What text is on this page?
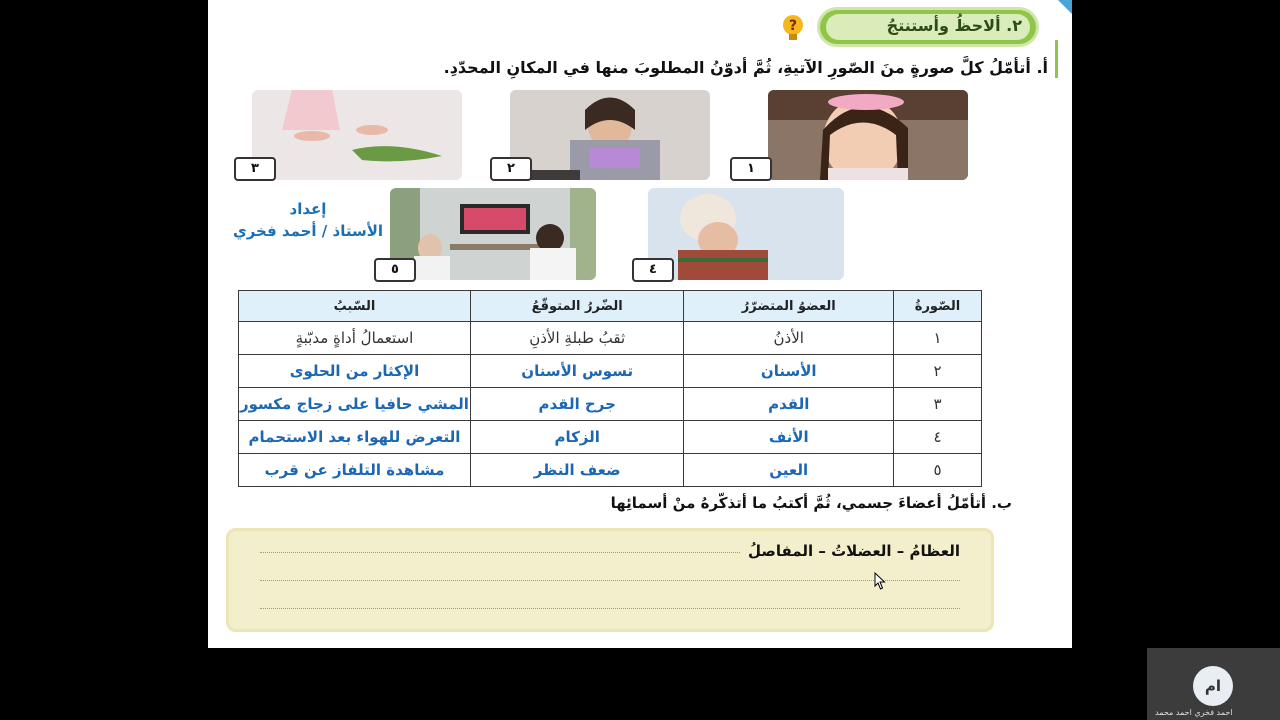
?	٢. ألاحظُ وأستنتجُ
أ. أتأمّلُ كلَّ صورةٍ منَ الصّورِ الآتيةِ، ثُمَّ أدوّنُ المطلوبَ منها في المكانِ المحدّدِ.
١
٢
٣
٤
٥
إعداد
الأستاذ / أحمد فخري
الصّورةُ	العضوُ المتضرّرُ	الضّررُ المتوقّعُ	السّببُ
١	الأذنُ	ثقبُ طبلةِ الأذنِ	استعمالُ أداةٍ مدبّبةٍ
٢	الأسنان	تسوس الأسنان	الإكثار من الحلوى
٣	القدم	جرح القدم	المشي حافيا على زجاج مكسور
٤	الأنف	الزكام	التعرض للهواء بعد الاستحمام
٥	العين	ضعف النظر	مشاهدة التلفاز عن قرب
ب. أتأمّلُ أعضاءَ جسمي، ثُمَّ أكتبُ ما أتذكّرهُ منْ أسمائِها
العظامُ – العضلاتُ – المفاصلُ
ام
احمد فخري احمد محمد
